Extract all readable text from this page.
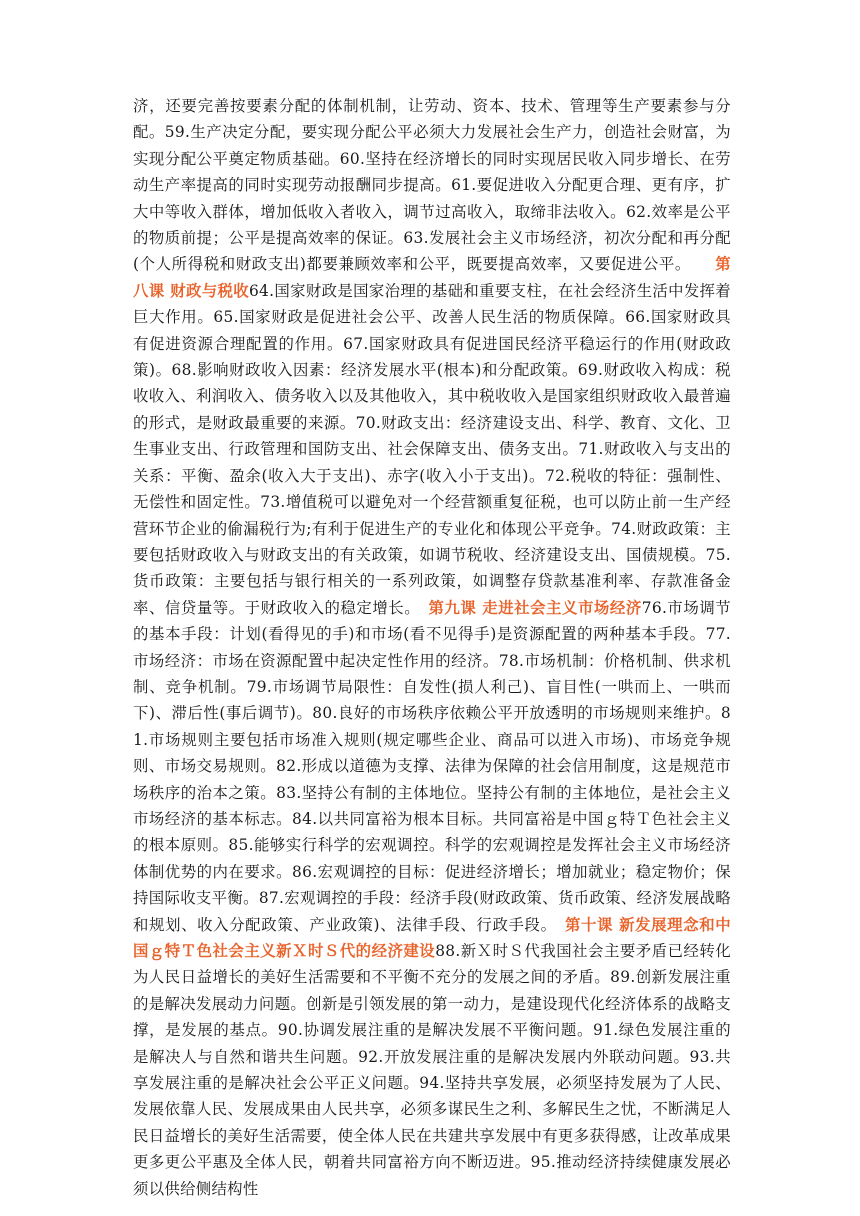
济，还要完善按要素分配的体制机制，让劳动、资本、技术、管理等生产要素参与分配。59.生产决定分配，要实现分配公平必须大力发展社会生产力，创造社会财富，为实现分配公平奠定物质基础。60.坚持在经济增长的同时实现居民收入同步增长、在劳动生产率提高的同时实现劳动报酬同步提高。61.要促进收入分配更合理、更有序，扩大中等收入群体，增加低收入者收入，调节过高收入，取缔非法收入。62.效率是公平的物质前提；公平是提高效率的保证。63.发展社会主义市场经济，初次分配和再分配(个人所得税和财政支出)都要兼顾效率和公平，既要提高效率，又要促进公平。　　第八课 财政与税收64.国家财政是国家治理的基础和重要支柱，在社会经济生活中发挥着巨大作用。65.国家财政是促进社会公平、改善人民生活的物质保障。66.国家财政具有促进资源合理配置的作用。67.国家财政具有促进国民经济平稳运行的作用(财政政策)。68.影响财政收入因素：经济发展水平(根本)和分配政策。69.财政收入构成：税收收入、利润收入、债务收入以及其他收入，其中税收收入是国家组织财政收入最普遍的形式，是财政最重要的来源。70.财政支出：经济建设支出、科学、教育、文化、卫生事业支出、行政管理和国防支出、社会保障支出、债务支出。71.财政收入与支出的关系：平衡、盈余(收入大于支出)、赤字(收入小于支出)。72.税收的特征：强制性、无偿性和固定性。73.增值税可以避免对一个经营额重复征税，也可以防止前一生产经营环节企业的偷漏税行为;有利于促进生产的专业化和体现公平竞争。74.财政政策：主要包括财政收入与财政支出的有关政策，如调节税收、经济建设支出、国债规模。75.货币政策：主要包括与银行相关的一系列政策，如调整存贷款基准利率、存款准备金率、信贷量等。于财政收入的稳定增长。　第九课 走进社会主义市场经济76.市场调节的基本手段：计划(看得见的手)和市场(看不见得手)是资源配置的两种基本手段。77.市场经济：市场在资源配置中起决定性作用的经济。78.市场机制：价格机制、供求机制、竞争机制。79.市场调节局限性：自发性(损人利己)、盲目性(一哄而上、一哄而下)、滞后性(事后调节)。80.良好的市场秩序依赖公平开放透明的市场规则来维护。81.市场规则主要包括市场准入规则(规定哪些企业、商品可以进入市场)、市场竞争规则、市场交易规则。82.形成以道德为支撑、法律为保障的社会信用制度，这是规范市场秩序的治本之策。83.坚持公有制的主体地位。坚持公有制的主体地位，是社会主义市场经济的基本标志。84.以共同富裕为根本目标。共同富裕是中国ｇ特Ｔ色社会主义的根本原则。85.能够实行科学的宏观调控。科学的宏观调控是发挥社会主义市场经济体制优势的内在要求。86.宏观调控的目标：促进经济增长；增加就业；稳定物价；保持国际收支平衡。87.宏观调控的手段：经济手段(财政政策、货币政策、经济发展战略和规划、收入分配政策、产业政策)、法律手段、行政手段。　第十课 新发展理念和中国ｇ特Ｔ色社会主义新Ｘ时Ｓ代的经济建设88.新Ｘ时Ｓ代我国社会主要矛盾已经转化为人民日益增长的美好生活需要和不平衡不充分的发展之间的矛盾。89.创新发展注重的是解决发展动力问题。创新是引领发展的第一动力，是建设现代化经济体系的战略支撑，是发展的基点。90.协调发展注重的是解决发展不平衡问题。91.绿色发展注重的是解决人与自然和谐共生问题。92.开放发展注重的是解决发展内外联动问题。93.共享发展注重的是解决社会公平正义问题。94.坚持共享发展，必须坚持发展为了人民、发展依靠人民、发展成果由人民共享，必须多谋民生之利、多解民生之忧，不断满足人民日益增长的美好生活需要，使全体人民在共建共享发展中有更多获得感，让改革成果更多更公平惠及全体人民，朝着共同富裕方向不断迈进。95.推动经济持续健康发展必须以供给侧结构性
